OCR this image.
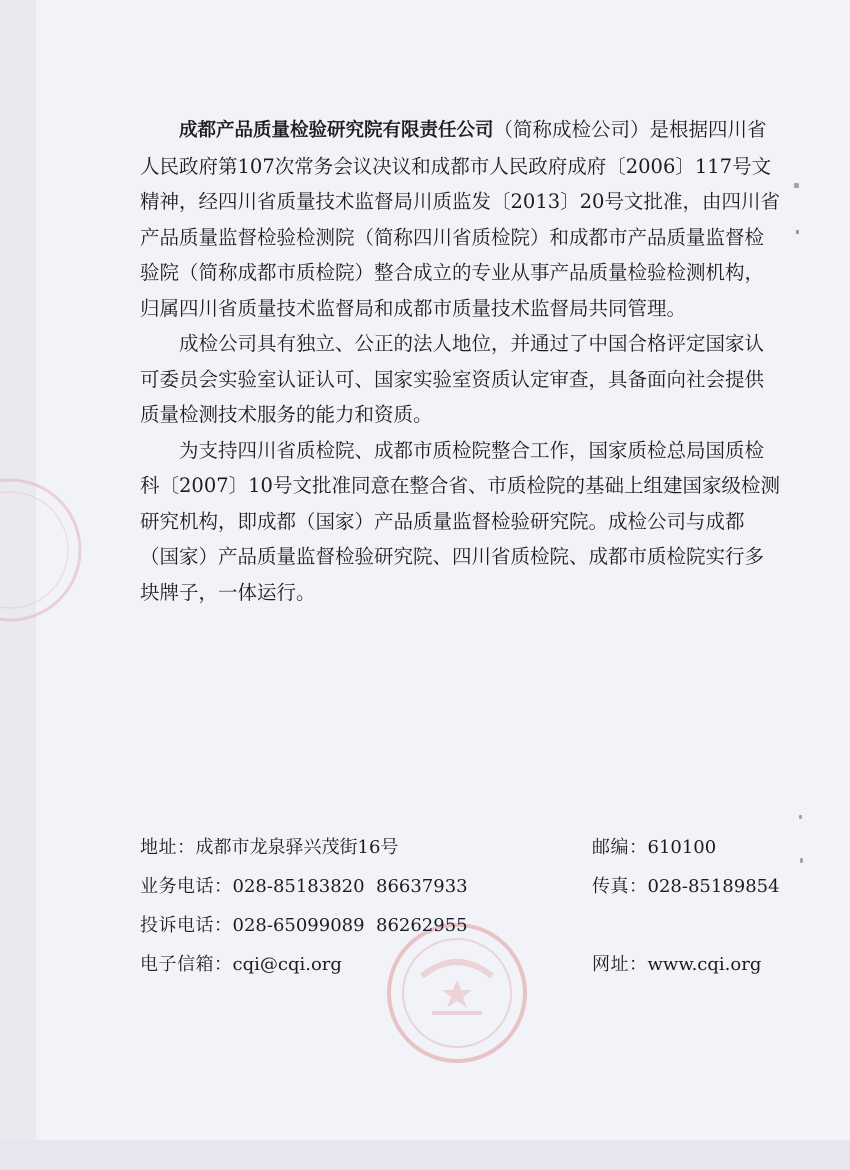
成都产品质量检验研究院有限责任公司（简称成检公司）是根据四川省人民政府第107次常务会议决议和成都市人民政府成府〔2006〕117号文精神，经四川省质量技术监督局川质监发〔2013〕20号文批准，由四川省产品质量监督检验检测院（简称四川省质检院）和成都市产品质量监督检验院（简称成都市质检院）整合成立的专业从事产品质量检验检测机构，归属四川省质量技术监督局和成都市质量技术监督局共同管理。

成检公司具有独立、公正的法人地位，并通过了中国合格评定国家认可委员会实验室认证认可、国家实验室资质认定审查，具备面向社会提供质量检测技术服务的能力和资质。

为支持四川省质检院、成都市质检院整合工作，国家质检总局国质检科〔2007〕10号文批准同意在整合省、市质检院的基础上组建国家级检测研究机构，即成都（国家）产品质量监督检验研究院。成检公司与成都（国家）产品质量监督检验研究院、四川省质检院、成都市质检院实行多块牌子，一体运行。

地址：成都市龙泉驿兴茂街16号	邮编：610100
业务电话：028-85183820  86637933	传真：028-85189854
投诉电话：028-65099089  86262955
电子信箱：cqi@cqi.org	网址：www.cqi.org
